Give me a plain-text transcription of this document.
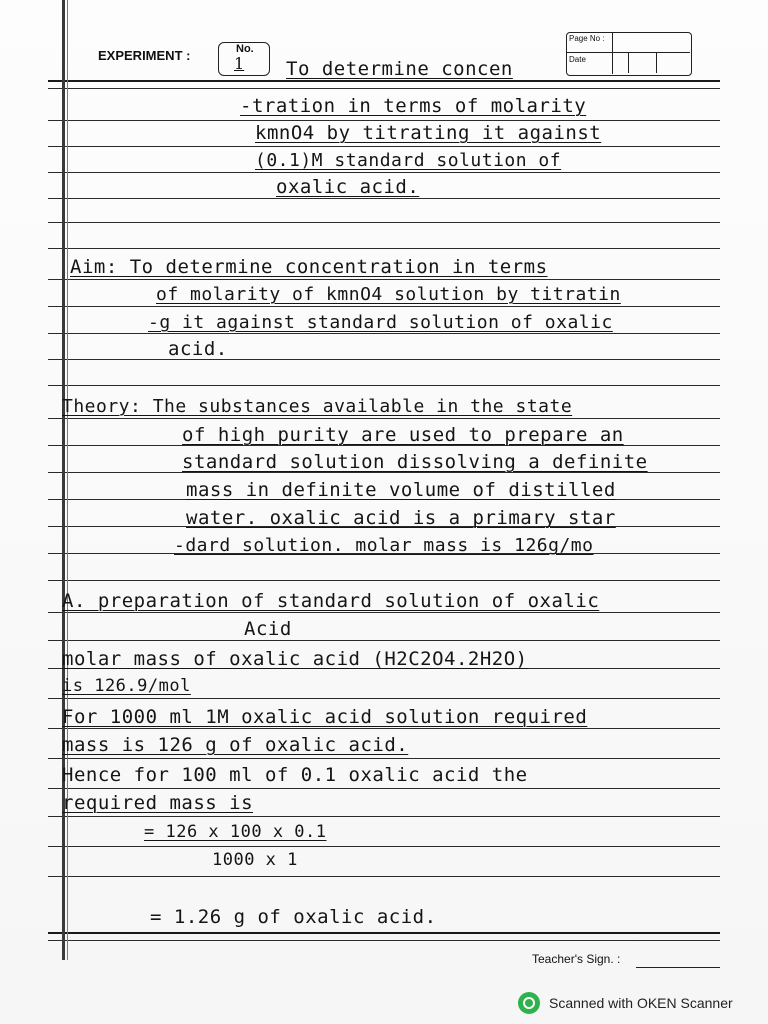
EXPERIMENT :	No.
1
Page No :
Date
To determine concen
-tration in terms of molarity
kmnO4 by titrating it against
(0.1)M standard solution of
oxalic acid.
Aim: To determine concentration in terms
of molarity of kmnO4 solution by titratin
-g it against standard solution of oxalic
acid.
Theory: The substances available in the state
of high purity are used to prepare an
standard solution dissolving a definite
mass in definite volume of distilled
water. oxalic acid is a primary star
-dard solution. molar mass is 126g/mo
A. preparation of standard solution of oxalic
Acid
molar mass of oxalic acid (H2C2O4.2H2O)
is 126.9/mol
For 1000 ml 1M oxalic acid solution required
mass is 126 g of oxalic acid.
Hence for 100 ml of 0.1 oxalic acid the
required mass is
= 126 x 100 x 0.1
1000 x 1
= 1.26 g of oxalic acid.
Teacher's Sign. :
Scanned with OKEN Scanner
